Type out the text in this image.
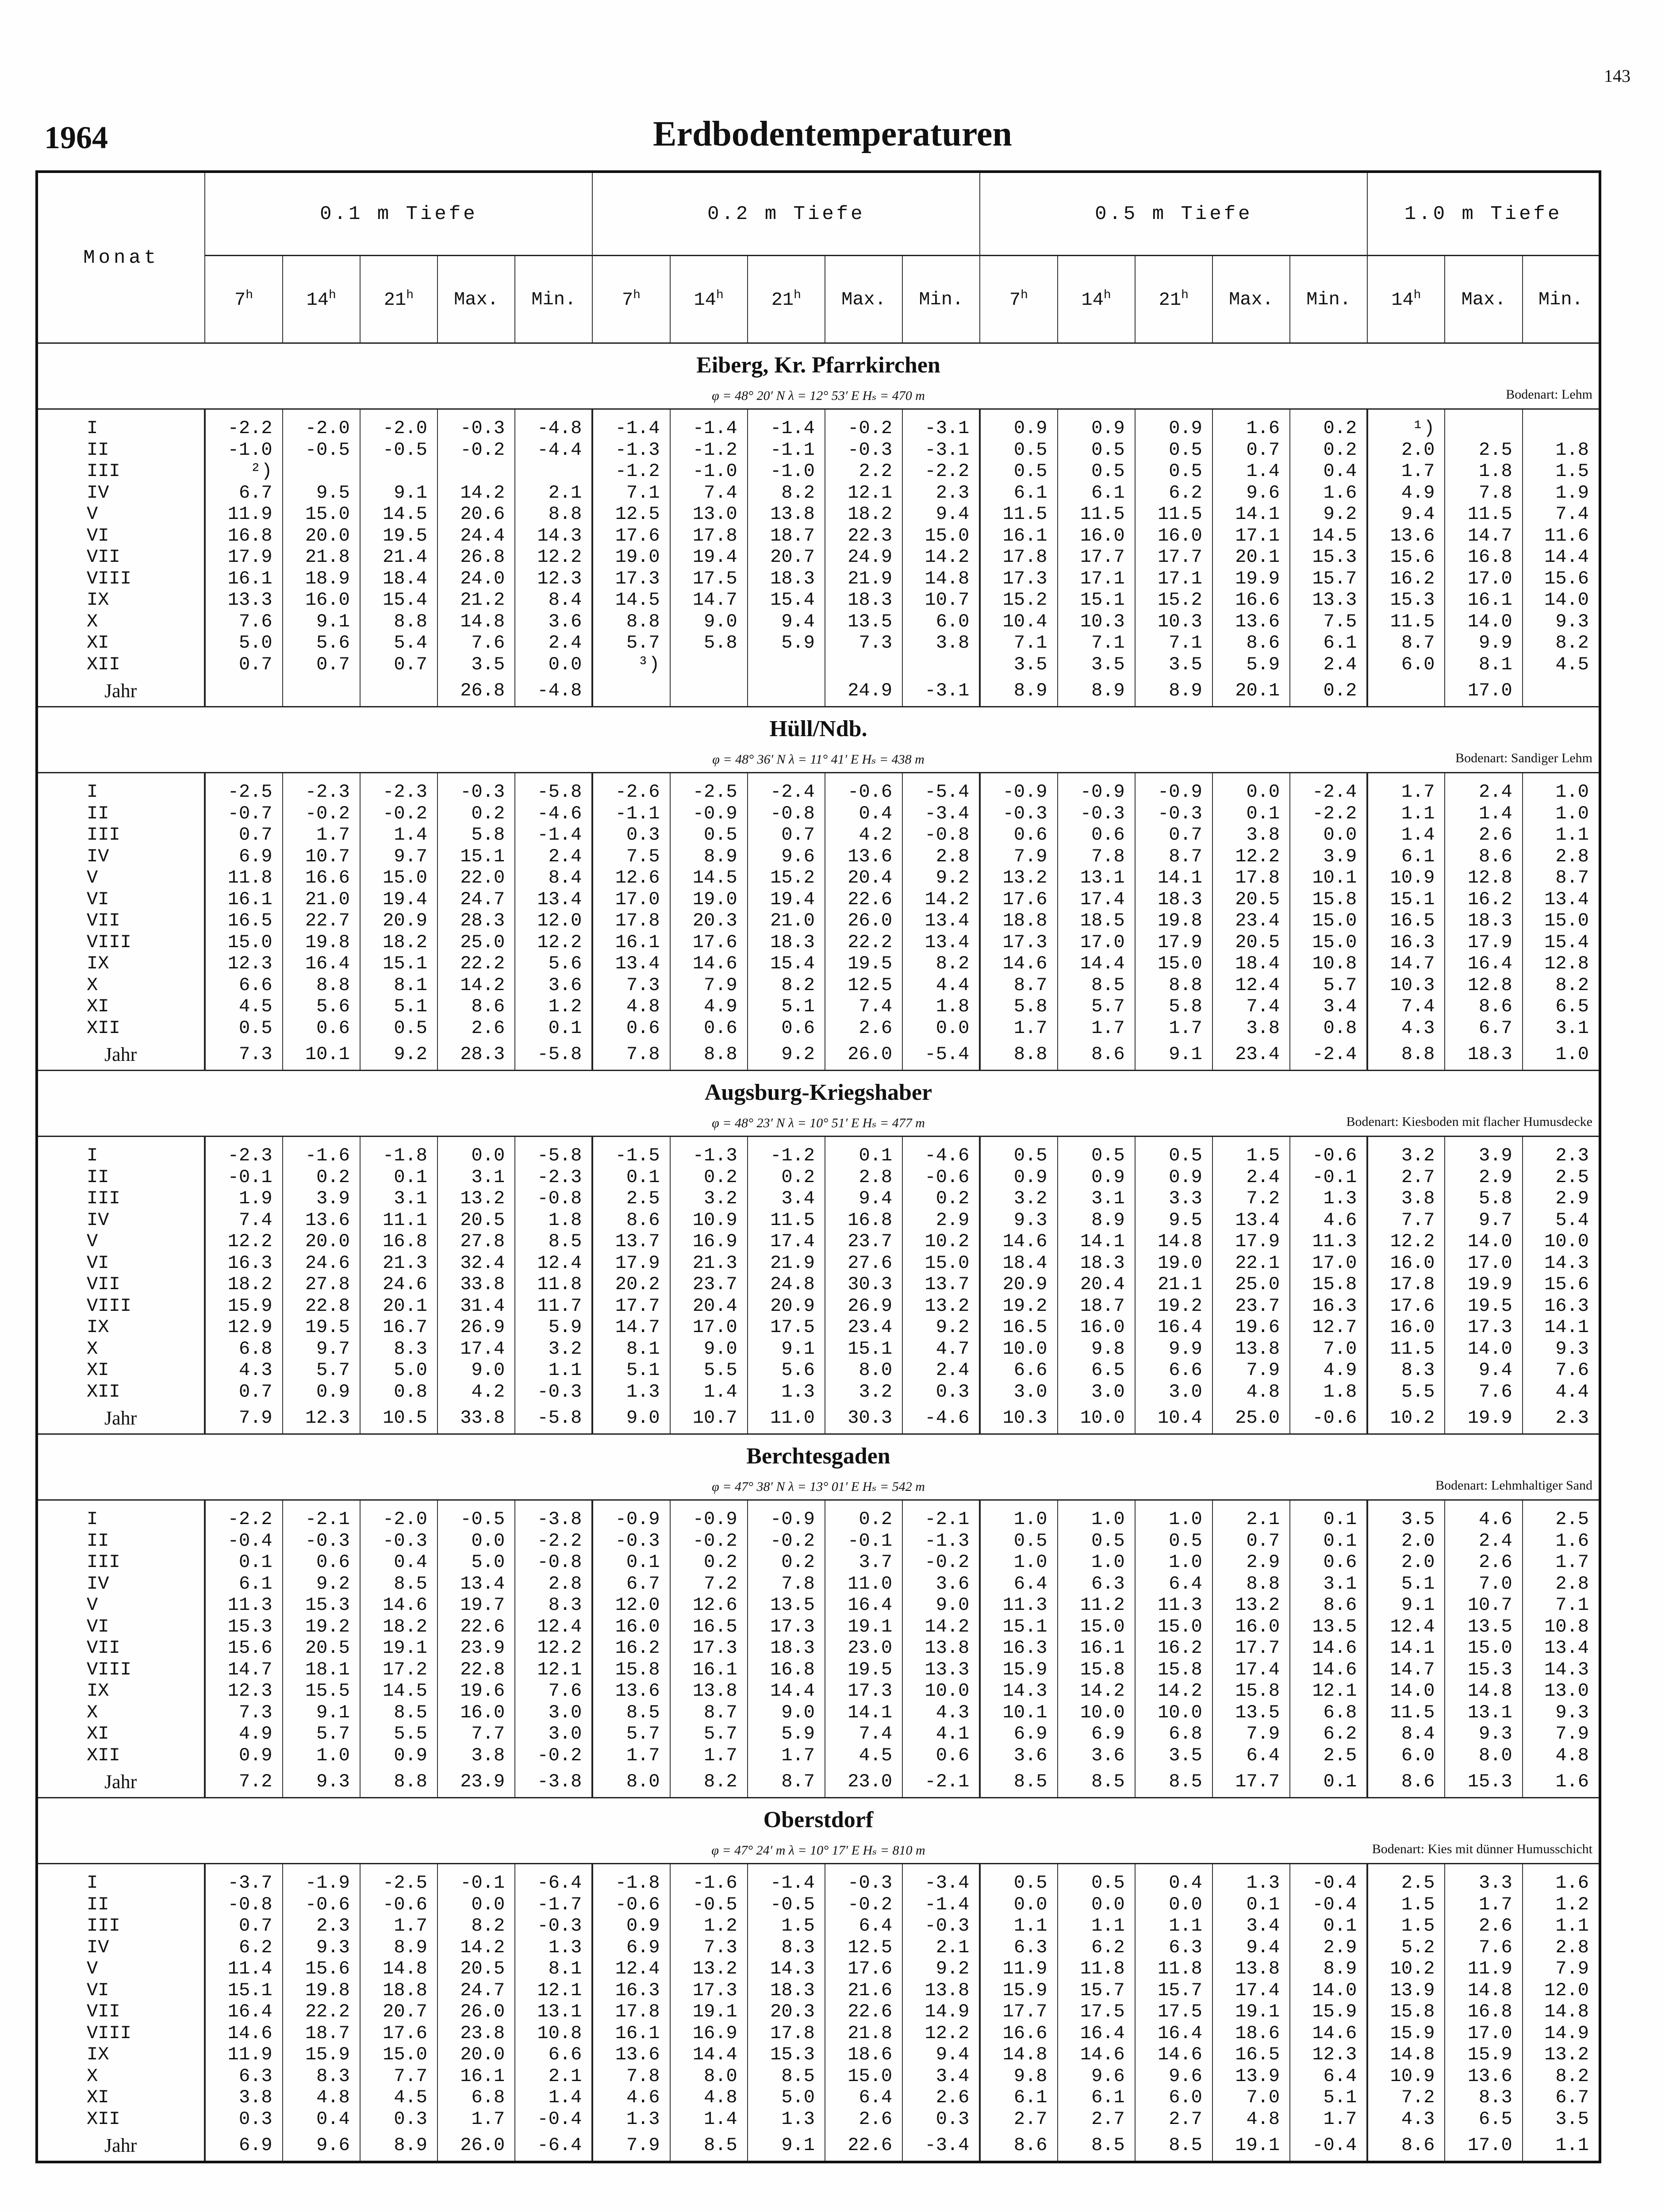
143
1964	Erdbodentemperaturen
Monat	0.1 m Tiefe					0.2 m Tiefe					0.5 m Tiefe					1.0 m Tiefe		
	7$^h$	14$^h$	21$^h$	Max.	Min.	7$^h$	14$^h$	21$^h$	Max.	Min.	7$^h$	14$^h$	21$^h$	Max.	Min.	14$^h$	Max.	Min.
Eiberg, Kr. Pfarrkirchen																		

φ = 48° 20′ N λ = 12° 53′ E Hₛ = 470 m Bodenart: Lehm																		

I	-2.2	-2.0	-2.0	-0.3	-4.8	-1.4	-1.4	-1.4	-0.2	-3.1	0.9	0.9	0.9	1.6	0.2	¹)		
II	-1.0	-0.5	-0.5	-0.2	-4.4	-1.3	-1.2	-1.1	-0.3	-3.1	0.5	0.5	0.5	0.7	0.2	2.0	2.5	1.8
III	²)					-1.2	-1.0	-1.0	2.2	-2.2	0.5	0.5	0.5	1.4	0.4	1.7	1.8	1.5
IV	6.7	9.5	9.1	14.2	2.1	7.1	7.4	8.2	12.1	2.3	6.1	6.1	6.2	9.6	1.6	4.9	7.8	1.9
V	11.9	15.0	14.5	20.6	8.8	12.5	13.0	13.8	18.2	9.4	11.5	11.5	11.5	14.1	9.2	9.4	11.5	7.4
VI	16.8	20.0	19.5	24.4	14.3	17.6	17.8	18.7	22.3	15.0	16.1	16.0	16.0	17.1	14.5	13.6	14.7	11.6
VII	17.9	21.8	21.4	26.8	12.2	19.0	19.4	20.7	24.9	14.2	17.8	17.7	17.7	20.1	15.3	15.6	16.8	14.4
VIII	16.1	18.9	18.4	24.0	12.3	17.3	17.5	18.3	21.9	14.8	17.3	17.1	17.1	19.9	15.7	16.2	17.0	15.6
IX	13.3	16.0	15.4	21.2	8.4	14.5	14.7	15.4	18.3	10.7	15.2	15.1	15.2	16.6	13.3	15.3	16.1	14.0
X	7.6	9.1	8.8	14.8	3.6	8.8	9.0	9.4	13.5	6.0	10.4	10.3	10.3	13.6	7.5	11.5	14.0	9.3
XI	5.0	5.6	5.4	7.6	2.4	5.7	5.8	5.9	7.3	3.8	7.1	7.1	7.1	8.6	6.1	8.7	9.9	8.2
XII	0.7	0.7	0.7	3.5	0.0	³)					3.5	3.5	3.5	5.9	2.4	6.0	8.1	4.5
Jahr				26.8	-4.8				24.9	-3.1	8.9	8.9	8.9	20.1	0.2		17.0	
Hüll/Ndb.																		

φ = 48° 36′ N λ = 11° 41′ E Hₛ = 438 m Bodenart: Sandiger Lehm																		

I	-2.5	-2.3	-2.3	-0.3	-5.8	-2.6	-2.5	-2.4	-0.6	-5.4	-0.9	-0.9	-0.9	0.0	-2.4	1.7	2.4	1.0
II	-0.7	-0.2	-0.2	0.2	-4.6	-1.1	-0.9	-0.8	0.4	-3.4	-0.3	-0.3	-0.3	0.1	-2.2	1.1	1.4	1.0
III	0.7	1.7	1.4	5.8	-1.4	0.3	0.5	0.7	4.2	-0.8	0.6	0.6	0.7	3.8	0.0	1.4	2.6	1.1
IV	6.9	10.7	9.7	15.1	2.4	7.5	8.9	9.6	13.6	2.8	7.9	7.8	8.7	12.2	3.9	6.1	8.6	2.8
V	11.8	16.6	15.0	22.0	8.4	12.6	14.5	15.2	20.4	9.2	13.2	13.1	14.1	17.8	10.1	10.9	12.8	8.7
VI	16.1	21.0	19.4	24.7	13.4	17.0	19.0	19.4	22.6	14.2	17.6	17.4	18.3	20.5	15.8	15.1	16.2	13.4
VII	16.5	22.7	20.9	28.3	12.0	17.8	20.3	21.0	26.0	13.4	18.8	18.5	19.8	23.4	15.0	16.5	18.3	15.0
VIII	15.0	19.8	18.2	25.0	12.2	16.1	17.6	18.3	22.2	13.4	17.3	17.0	17.9	20.5	15.0	16.3	17.9	15.4
IX	12.3	16.4	15.1	22.2	5.6	13.4	14.6	15.4	19.5	8.2	14.6	14.4	15.0	18.4	10.8	14.7	16.4	12.8
X	6.6	8.8	8.1	14.2	3.6	7.3	7.9	8.2	12.5	4.4	8.7	8.5	8.8	12.4	5.7	10.3	12.8	8.2
XI	4.5	5.6	5.1	8.6	1.2	4.8	4.9	5.1	7.4	1.8	5.8	5.7	5.8	7.4	3.4	7.4	8.6	6.5
XII	0.5	0.6	0.5	2.6	0.1	0.6	0.6	0.6	2.6	0.0	1.7	1.7	1.7	3.8	0.8	4.3	6.7	3.1
Jahr	7.3	10.1	9.2	28.3	-5.8	7.8	8.8	9.2	26.0	-5.4	8.8	8.6	9.1	23.4	-2.4	8.8	18.3	1.0
Augsburg-Kriegshaber																		

φ = 48° 23′ N λ = 10° 51′ E Hₛ = 477 m Bodenart: Kiesboden mit flacher Humusdecke																		

I	-2.3	-1.6	-1.8	0.0	-5.8	-1.5	-1.3	-1.2	0.1	-4.6	0.5	0.5	0.5	1.5	-0.6	3.2	3.9	2.3
II	-0.1	0.2	0.1	3.1	-2.3	0.1	0.2	0.2	2.8	-0.6	0.9	0.9	0.9	2.4	-0.1	2.7	2.9	2.5
III	1.9	3.9	3.1	13.2	-0.8	2.5	3.2	3.4	9.4	0.2	3.2	3.1	3.3	7.2	1.3	3.8	5.8	2.9
IV	7.4	13.6	11.1	20.5	1.8	8.6	10.9	11.5	16.8	2.9	9.3	8.9	9.5	13.4	4.6	7.7	9.7	5.4
V	12.2	20.0	16.8	27.8	8.5	13.7	16.9	17.4	23.7	10.2	14.6	14.1	14.8	17.9	11.3	12.2	14.0	10.0
VI	16.3	24.6	21.3	32.4	12.4	17.9	21.3	21.9	27.6	15.0	18.4	18.3	19.0	22.1	17.0	16.0	17.0	14.3
VII	18.2	27.8	24.6	33.8	11.8	20.2	23.7	24.8	30.3	13.7	20.9	20.4	21.1	25.0	15.8	17.8	19.9	15.6
VIII	15.9	22.8	20.1	31.4	11.7	17.7	20.4	20.9	26.9	13.2	19.2	18.7	19.2	23.7	16.3	17.6	19.5	16.3
IX	12.9	19.5	16.7	26.9	5.9	14.7	17.0	17.5	23.4	9.2	16.5	16.0	16.4	19.6	12.7	16.0	17.3	14.1
X	6.8	9.7	8.3	17.4	3.2	8.1	9.0	9.1	15.1	4.7	10.0	9.8	9.9	13.8	7.0	11.5	14.0	9.3
XI	4.3	5.7	5.0	9.0	1.1	5.1	5.5	5.6	8.0	2.4	6.6	6.5	6.6	7.9	4.9	8.3	9.4	7.6
XII	0.7	0.9	0.8	4.2	-0.3	1.3	1.4	1.3	3.2	0.3	3.0	3.0	3.0	4.8	1.8	5.5	7.6	4.4
Jahr	7.9	12.3	10.5	33.8	-5.8	9.0	10.7	11.0	30.3	-4.6	10.3	10.0	10.4	25.0	-0.6	10.2	19.9	2.3
Berchtesgaden																		

φ = 47° 38′ N λ = 13° 01′ E Hₛ = 542 m Bodenart: Lehmhaltiger Sand																		

I	-2.2	-2.1	-2.0	-0.5	-3.8	-0.9	-0.9	-0.9	0.2	-2.1	1.0	1.0	1.0	2.1	0.1	3.5	4.6	2.5
II	-0.4	-0.3	-0.3	0.0	-2.2	-0.3	-0.2	-0.2	-0.1	-1.3	0.5	0.5	0.5	0.7	0.1	2.0	2.4	1.6
III	0.1	0.6	0.4	5.0	-0.8	0.1	0.2	0.2	3.7	-0.2	1.0	1.0	1.0	2.9	0.6	2.0	2.6	1.7
IV	6.1	9.2	8.5	13.4	2.8	6.7	7.2	7.8	11.0	3.6	6.4	6.3	6.4	8.8	3.1	5.1	7.0	2.8
V	11.3	15.3	14.6	19.7	8.3	12.0	12.6	13.5	16.4	9.0	11.3	11.2	11.3	13.2	8.6	9.1	10.7	7.1
VI	15.3	19.2	18.2	22.6	12.4	16.0	16.5	17.3	19.1	14.2	15.1	15.0	15.0	16.0	13.5	12.4	13.5	10.8
VII	15.6	20.5	19.1	23.9	12.2	16.2	17.3	18.3	23.0	13.8	16.3	16.1	16.2	17.7	14.6	14.1	15.0	13.4
VIII	14.7	18.1	17.2	22.8	12.1	15.8	16.1	16.8	19.5	13.3	15.9	15.8	15.8	17.4	14.6	14.7	15.3	14.3
IX	12.3	15.5	14.5	19.6	7.6	13.6	13.8	14.4	17.3	10.0	14.3	14.2	14.2	15.8	12.1	14.0	14.8	13.0
X	7.3	9.1	8.5	16.0	3.0	8.5	8.7	9.0	14.1	4.3	10.1	10.0	10.0	13.5	6.8	11.5	13.1	9.3
XI	4.9	5.7	5.5	7.7	3.0	5.7	5.7	5.9	7.4	4.1	6.9	6.9	6.8	7.9	6.2	8.4	9.3	7.9
XII	0.9	1.0	0.9	3.8	-0.2	1.7	1.7	1.7	4.5	0.6	3.6	3.6	3.5	6.4	2.5	6.0	8.0	4.8
Jahr	7.2	9.3	8.8	23.9	-3.8	8.0	8.2	8.7	23.0	-2.1	8.5	8.5	8.5	17.7	0.1	8.6	15.3	1.6
Oberstdorf																		

φ = 47° 24′ m λ = 10° 17′ E Hₛ = 810 m Bodenart: Kies mit dünner Humusschicht																		

I	-3.7	-1.9	-2.5	-0.1	-6.4	-1.8	-1.6	-1.4	-0.3	-3.4	0.5	0.5	0.4	1.3	-0.4	2.5	3.3	1.6
II	-0.8	-0.6	-0.6	0.0	-1.7	-0.6	-0.5	-0.5	-0.2	-1.4	0.0	0.0	0.0	0.1	-0.4	1.5	1.7	1.2
III	0.7	2.3	1.7	8.2	-0.3	0.9	1.2	1.5	6.4	-0.3	1.1	1.1	1.1	3.4	0.1	1.5	2.6	1.1
IV	6.2	9.3	8.9	14.2	1.3	6.9	7.3	8.3	12.5	2.1	6.3	6.2	6.3	9.4	2.9	5.2	7.6	2.8
V	11.4	15.6	14.8	20.5	8.1	12.4	13.2	14.3	17.6	9.2	11.9	11.8	11.8	13.8	8.9	10.2	11.9	7.9
VI	15.1	19.8	18.8	24.7	12.1	16.3	17.3	18.3	21.6	13.8	15.9	15.7	15.7	17.4	14.0	13.9	14.8	12.0
VII	16.4	22.2	20.7	26.0	13.1	17.8	19.1	20.3	22.6	14.9	17.7	17.5	17.5	19.1	15.9	15.8	16.8	14.8
VIII	14.6	18.7	17.6	23.8	10.8	16.1	16.9	17.8	21.8	12.2	16.6	16.4	16.4	18.6	14.6	15.9	17.0	14.9
IX	11.9	15.9	15.0	20.0	6.6	13.6	14.4	15.3	18.6	9.4	14.8	14.6	14.6	16.5	12.3	14.8	15.9	13.2
X	6.3	8.3	7.7	16.1	2.1	7.8	8.0	8.5	15.0	3.4	9.8	9.6	9.6	13.9	6.4	10.9	13.6	8.2
XI	3.8	4.8	4.5	6.8	1.4	4.6	4.8	5.0	6.4	2.6	6.1	6.1	6.0	7.0	5.1	7.2	8.3	6.7
XII	0.3	0.4	0.3	1.7	-0.4	1.3	1.4	1.3	2.6	0.3	2.7	2.7	2.7	4.8	1.7	4.3	6.5	3.5
Jahr	6.9	9.6	8.9	26.0	-6.4	7.9	8.5	9.1	22.6	-3.4	8.6	8.5	8.5	19.1	-0.4	8.6	17.0	1.1
